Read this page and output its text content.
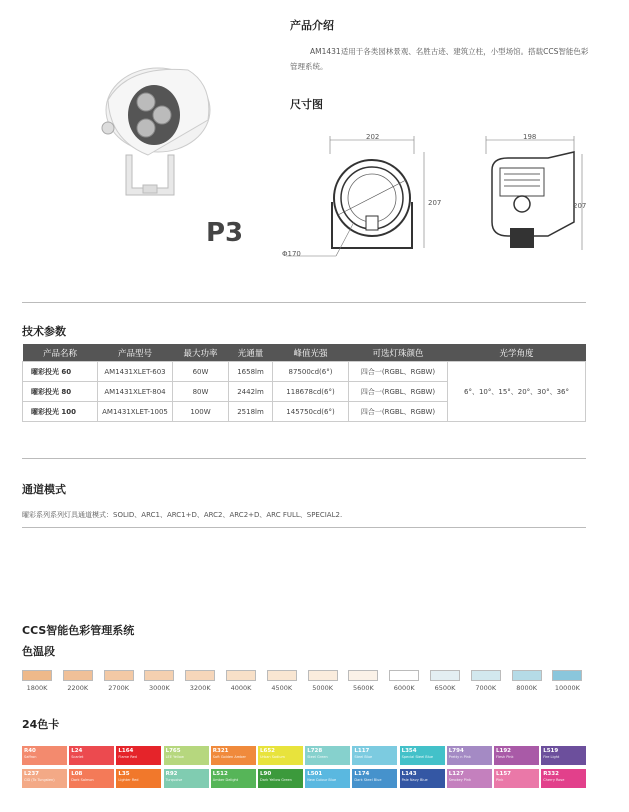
P3
产品介绍
AM1431适用于各类园林景观、名胜古迹、建筑立柱，小型场馆。搭载CCS智能色彩管理系统。
尺寸图
202
207
Φ170
198
207
技术参数
产品名称	产品型号	最大功率	光通量	峰值光强	可选灯珠颜色	光学角度
曜彩投光 60	AM1431XLET-603	60W	1658lm	87500cd(6°)	四合一(RGBL、RGBW)	6°、10°、15°、20°、30°、36°
曜彩投光 80	AM1431XLET-804	80W	2442lm	118678cd(6°)	四合一(RGBL、RGBW)	
曜彩投光 100	AM1431XLET-1005	100W	2518lm	145750cd(6°)	四合一(RGBL、RGBW)	
通道模式
曜彩系列系列灯具通道模式：SOLID、ARC1、ARC1+D、ARC2、ARC2+D、ARC FULL、SPECIAL2.
CCS智能色彩管理系统
色温段
1800K	2200K	2700K	3000K	3200K	4000K	4500K	5000K	5600K	6000K	6500K	7000K	8000K	10000K
24色卡
R40
Saffron
L24
Scarlet
L164
Flame Red
L765
LEE Yellow
R321
Soft Golden Amber
L652
Urban Sodium
L728
Steel Green
L117
Steel Blue
L354
Special Steel Blue
L794
Pretty n Pink
L192
Flesh Pink
L519
Fire Light
L237
CID (To Tungsten)
L08
Dark Salmon
L35
Lighter Red
R92
Turquoise
L512
Amber Delight
L90
Dark Yellow Green
L501
New Colour Blue
L174
Dark Steel Blue
L143
Pale Navy Blue
L127
Smokey Pink
L157
Pink
R332
Cherry Rose
